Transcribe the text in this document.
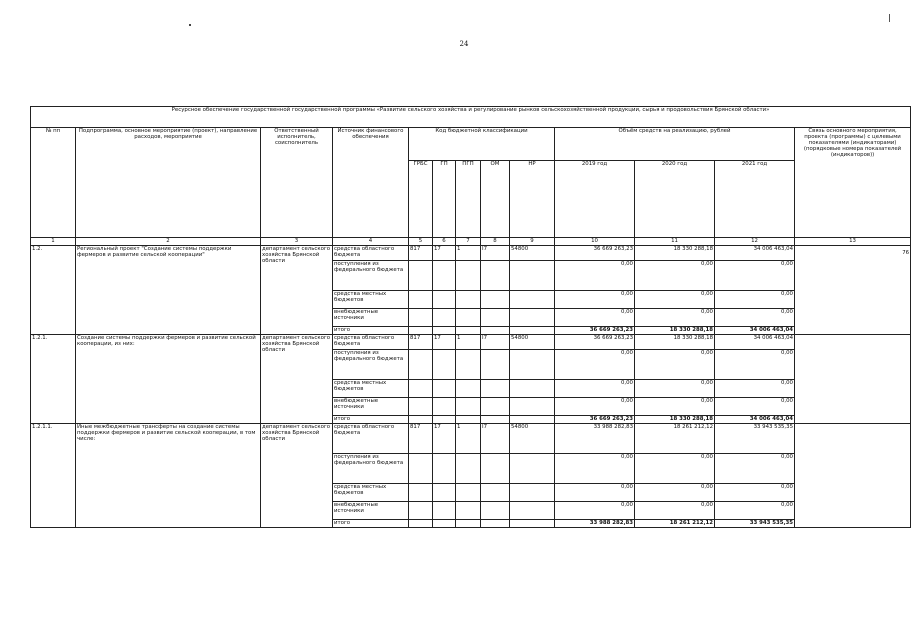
24
Ресурсное обеспечение государственной государственной программы «Развитие сельского хозяйства и регулирование рынков сельскохозяйственной продукции, сырья и продовольствия Брянской области»												
№ пп	Подпрограмма, основное мероприятие (проект), направление расходов, мероприятие	Ответственный исполнитель, соисполнитель	Источник финансового обеспечения	Код бюджетной классификации					Объём средств на реализацию, рублей			Связь основного мероприятия, проекта (программы) с целевыми показателями (индикаторами) (порядковые номера показателей (индикаторов))
				ГРБС	ГП	ПГП	ОМ	НР	2019 год	2020 год	2021 год	
1	2	3	4	5	6	7	8	9	10	11	12	13
1.2.	Региональный проект "Создание системы поддержки фермеров и развитие сельской кооперации"	департамент сельского хозяйства Брянской области	средства областного бюджета	817	17	1	I7	54800	36 669 263,23	18 330 288,18	34 006 463,04	76
			поступления из федерального бюджета						0,00	0,00	0,00	
			средства местных бюджетов						0,00	0,00	0,00	
			внебюджетные источники						0,00	0,00	0,00	
			итого						36 669 263,23	18 330 288,18	34 006 463,04	
1.2.1.	Создание системы поддержки фермеров и развитие сельской кооперации, из них:	департамент сельского хозяйства Брянской области	средства областного бюджета	817	17	1	I7	54800	36 669 263,23	18 330 288,18	34 006 463,04	
			поступления из федерального бюджета						0,00	0,00	0,00	
			средства местных бюджетов						0,00	0,00	0,00	
			внебюджетные источники						0,00	0,00	0,00	
			итого						36 669 263,23	18 330 288,18	34 006 463,04	
1.2.1.1.	Иные межбюджетные трансферты на создание системы поддержки фермеров и развитие сельской кооперации, в том числе:	департамент сельского хозяйства Брянской области	средства областного бюджета	817	17	1	I7	54800	33 988 282,83	18 261 212,12	33 943 535,35	
			поступления из федерального бюджета						0,00	0,00	0,00	
			средства местных бюджетов						0,00	0,00	0,00	
			внебюджетные источники						0,00	0,00	0,00	
			итого						33 988 282,83	18 261 212,12	33 943 535,35	
